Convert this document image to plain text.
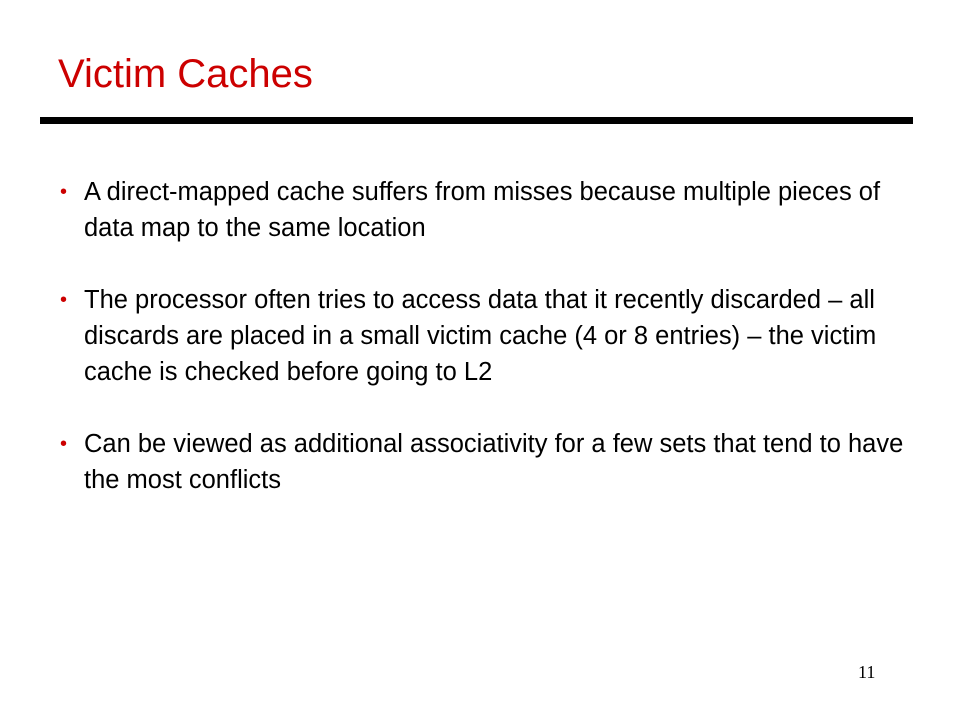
Victim Caches
• A direct-mapped cache suffers from misses because multiple pieces of data map to the same location
• The processor often tries to access data that it recently discarded – all discards are placed in a small victim cache (4 or 8 entries) – the victim cache is checked before going to L2
• Can be viewed as additional associativity for a few sets that tend to have the most conflicts
11
